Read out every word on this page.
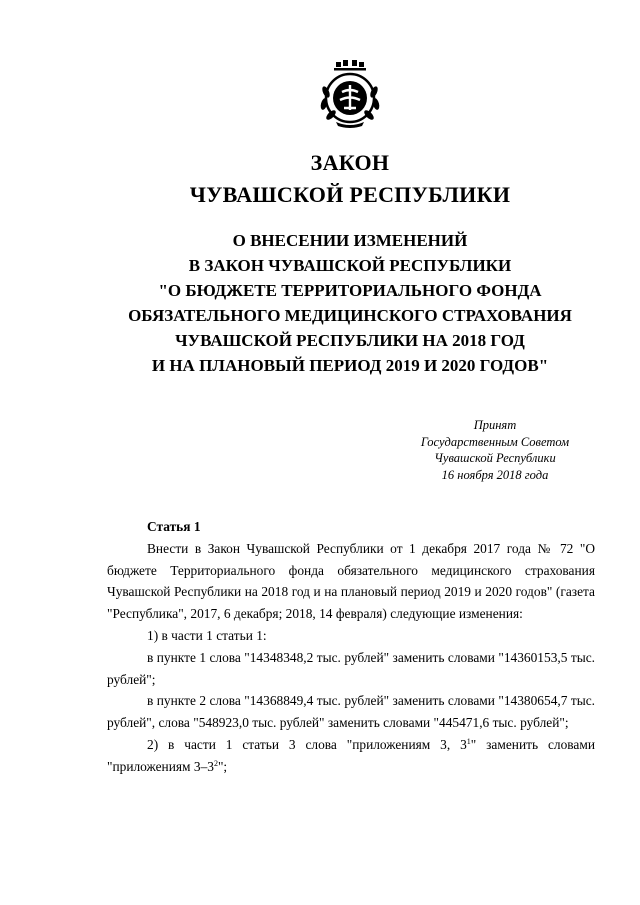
ЗАКОН
ЧУВАШСКОЙ РЕСПУБЛИКИ
О ВНЕСЕНИИ ИЗМЕНЕНИЙ
В ЗАКОН ЧУВАШСКОЙ РЕСПУБЛИКИ
"О БЮДЖЕТЕ ТЕРРИТОРИАЛЬНОГО ФОНДА
ОБЯЗАТЕЛЬНОГО МЕДИЦИНСКОГО СТРАХОВАНИЯ
ЧУВАШСКОЙ РЕСПУБЛИКИ НА 2018 ГОД
И НА ПЛАНОВЫЙ ПЕРИОД 2019 И 2020 ГОДОВ"
Принят
Государственным Советом
Чувашской Республики
16 ноября 2018 года

Статья 1

Внести в Закон Чувашской Республики от 1 декабря 2017 года № 72 "О бюджете Территориального фонда обязательного медицинского страхования Чувашской Республики на 2018 год и на плановый период 2019 и 2020 годов" (газета "Республика", 2017, 6 декабря; 2018, 14 февраля) следующие изменения:

1) в части 1 статьи 1:

в пункте 1 слова "14348348,2 тыс. рублей" заменить словами "14360153,5 тыс. рублей";

в пункте 2 слова "14368849,4 тыс. рублей" заменить словами "14380654,7 тыс. рублей", слова "548923,0 тыс. рублей" заменить словами "445471,6 тыс. рублей";

2) в части 1 статьи 3 слова "приложениям 3, $3^1$" заменить словами "приложениям $3-3^2$";
